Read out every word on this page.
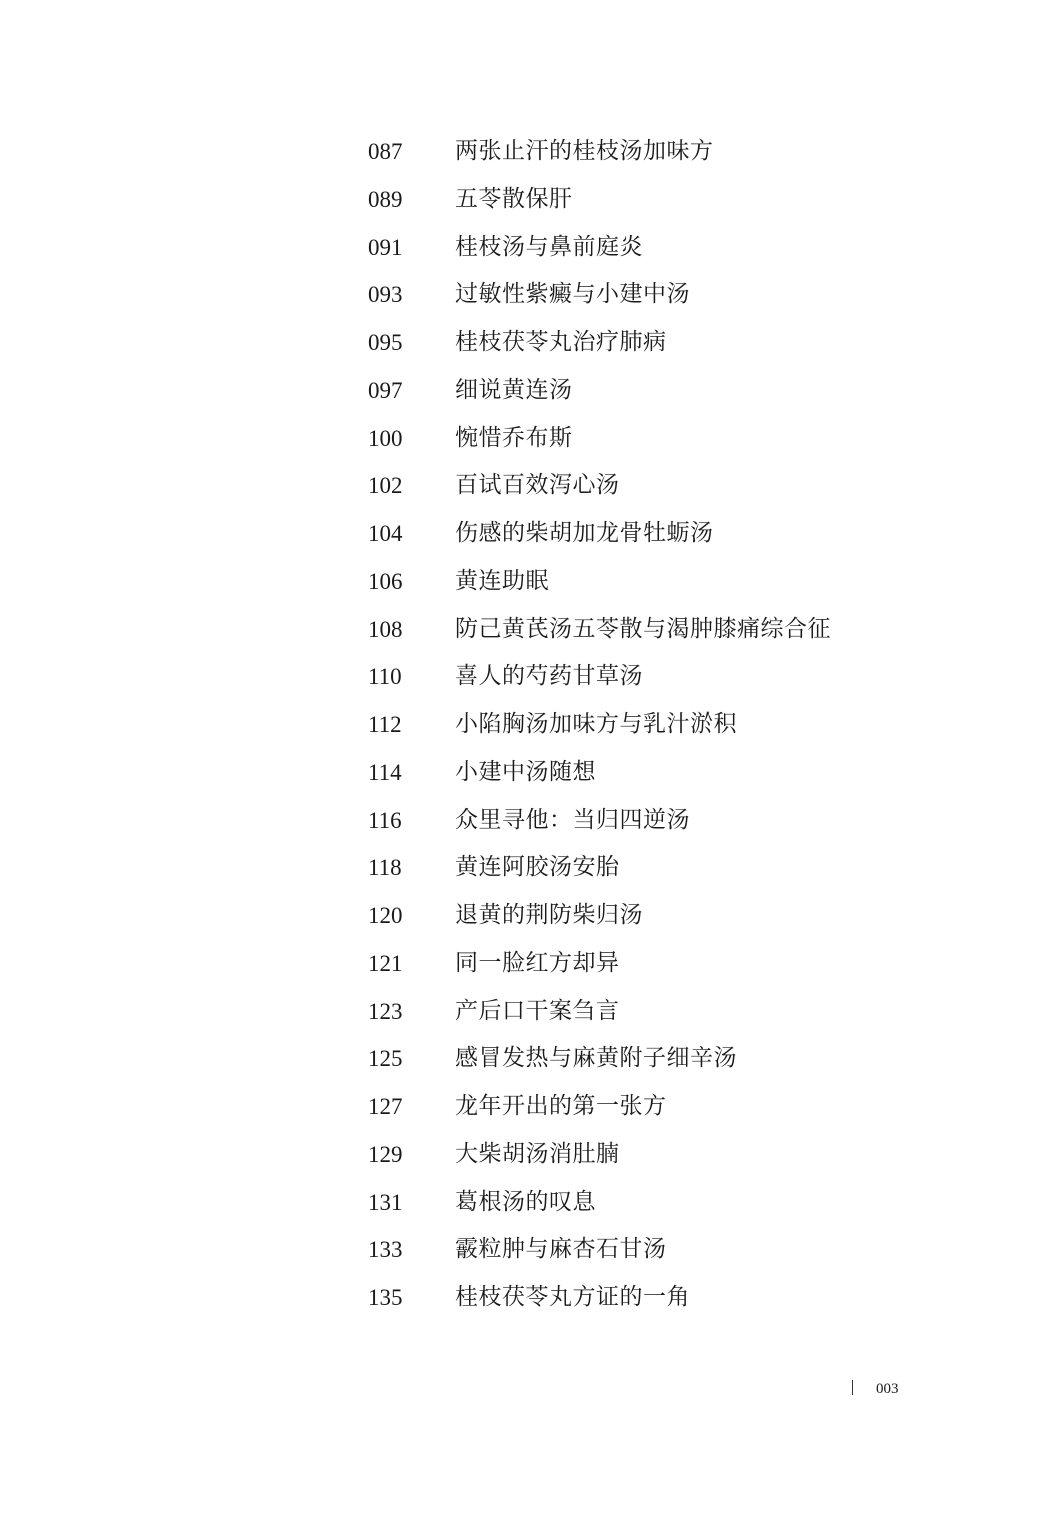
087 两张止汗的桂枝汤加味方
089 五苓散保肝
091 桂枝汤与鼻前庭炎
093 过敏性紫癜与小建中汤
095 桂枝茯苓丸治疗肺病
097 细说黄连汤
100 惋惜乔布斯
102 百试百效泻心汤
104 伤感的柴胡加龙骨牡蛎汤
106 黄连助眠
108 防己黄芪汤五苓散与渴肿膝痛综合征
110 喜人的芍药甘草汤
112 小陷胸汤加味方与乳汁淤积
114 小建中汤随想
116 众里寻他：当归四逆汤
118 黄连阿胶汤安胎
120 退黄的荆防柴归汤
121 同一脸红方却异
123 产后口干案刍言
125 感冒发热与麻黄附子细辛汤
127 龙年开出的第一张方
129 大柴胡汤消肚腩
131 葛根汤的叹息
133 霰粒肿与麻杏石甘汤
135 桂枝茯苓丸方证的一角
003
